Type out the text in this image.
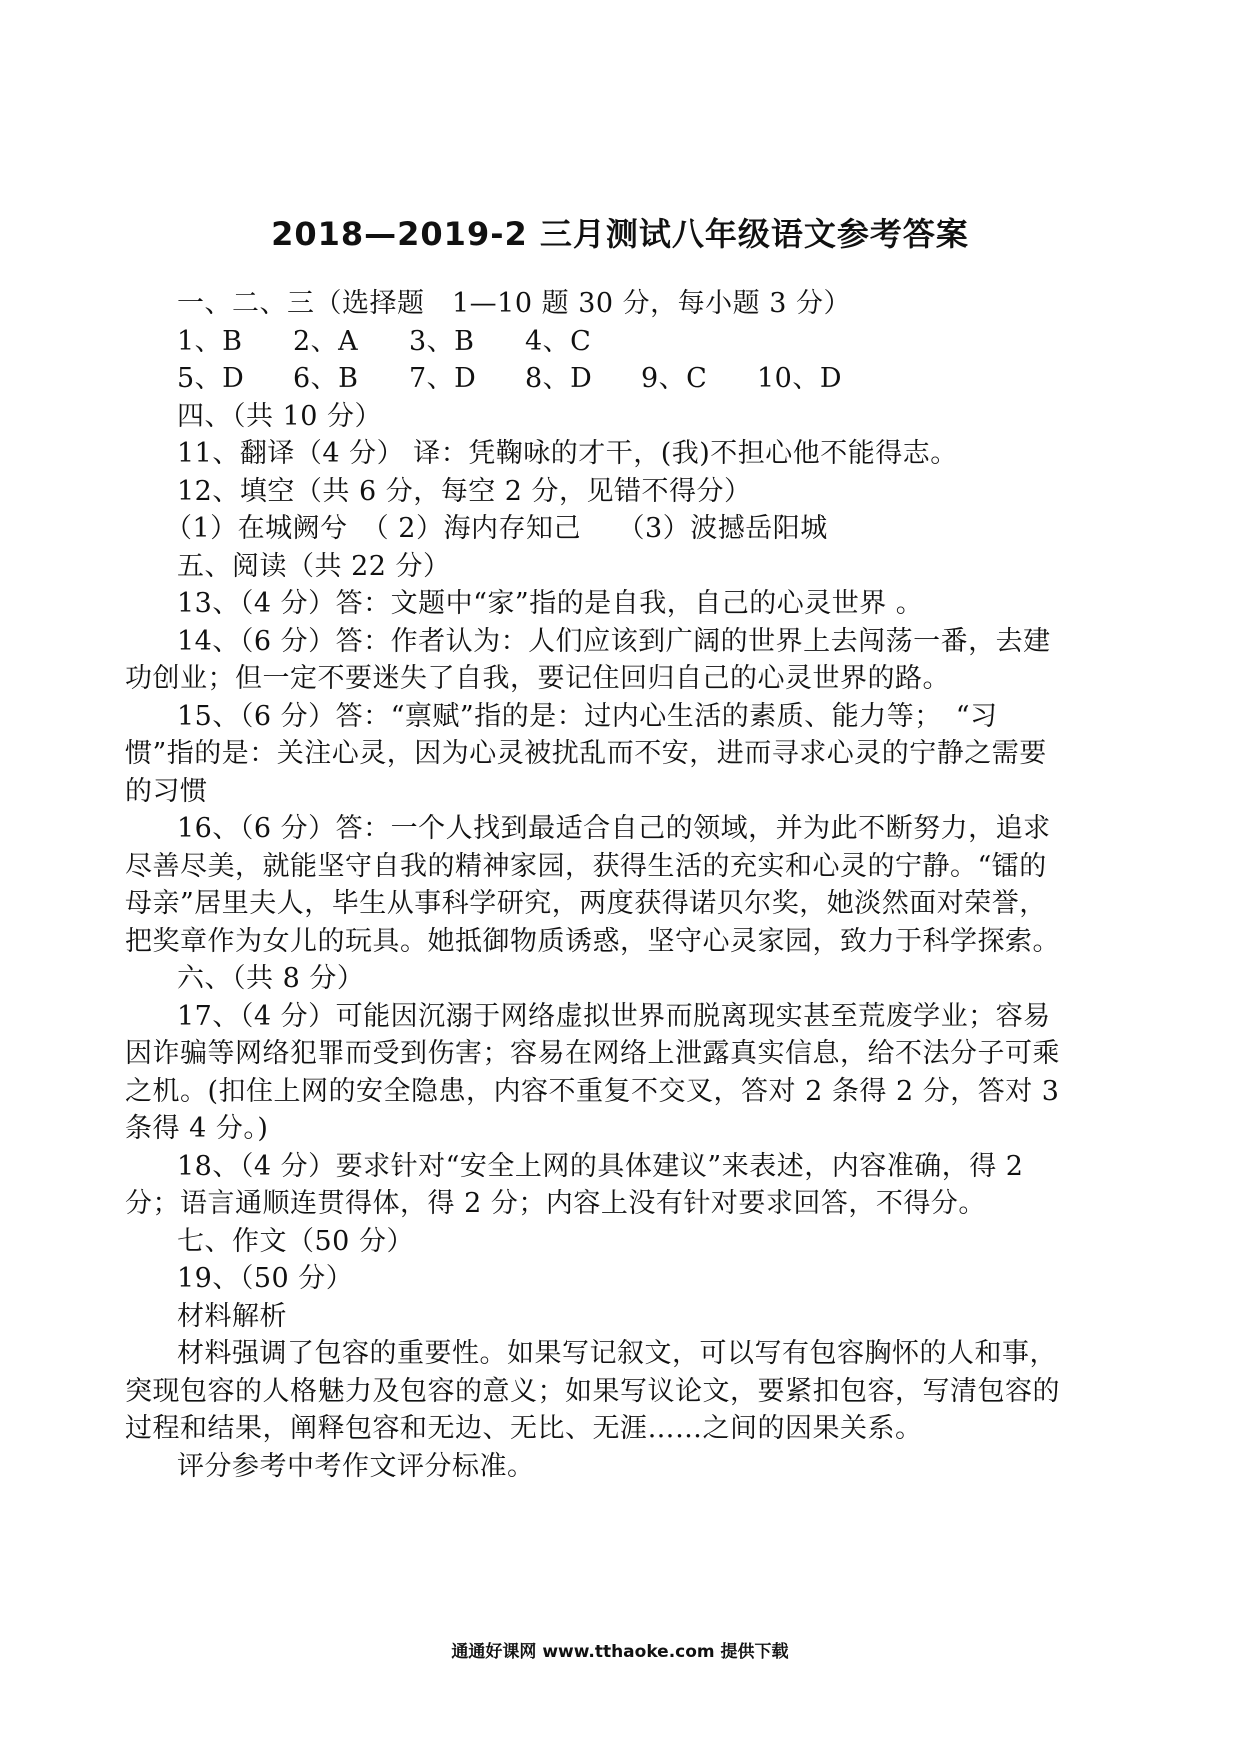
2018—2019-2 三月测试八年级语文参考答案
一、二、三（选择题　1—10 题 30 分，每小题 3 分）
1、B 2、A 3、B 4、C
5、D 6、B 7、D 8、D 9、C 10、D
四、（共 10 分）
11、翻译（4 分） 译：凭鞠咏的才干，(我)不担心他不能得志。
12、填空（共 6 分，每空 2 分，见错不得分）
（1）在城阙兮　（ 2）海内存知己　 （3）波撼岳阳城
五、阅读（共 22 分）
13、（4 分）答：文题中“家”指的是自我，自己的心灵世界 。
14、（6 分）答：作者认为：人们应该到广阔的世界上去闯荡一番，去建
功创业；但一定不要迷失了自我，要记住回归自己的心灵世界的路。
15、（6 分）答：“禀赋”指的是：过内心生活的素质、能力等；　“习
惯”指的是：关注心灵，因为心灵被扰乱而不安，进而寻求心灵的宁静之需要
的习惯
16、（6 分）答：一个人找到最适合自己的领域，并为此不断努力，追求
尽善尽美，就能坚守自我的精神家园，获得生活的充实和心灵的宁静。“镭的
母亲”居里夫人，毕生从事科学研究，两度获得诺贝尔奖，她淡然面对荣誉，
把奖章作为女儿的玩具。她抵御物质诱惑，坚守心灵家园，致力于科学探索。
六、（共 8 分）
17、（4 分）可能因沉溺于网络虚拟世界而脱离现实甚至荒废学业；容易
因诈骗等网络犯罪而受到伤害；容易在网络上泄露真实信息，给不法分子可乘
之机。(扣住上网的安全隐患，内容不重复不交叉，答对 2 条得 2 分，答对 3
条得 4 分。)
18、（4 分）要求针对“安全上网的具体建议”来表述，内容准确，得 2
分；语言通顺连贯得体，得 2 分；内容上没有针对要求回答，不得分。
七、作文（50 分）
19、（50 分）
材料解析
材料强调了包容的重要性。如果写记叙文，可以写有包容胸怀的人和事，
突现包容的人格魅力及包容的意义；如果写议论文，要紧扣包容，写清包容的
过程和结果，阐释包容和无边、无比、无涯……之间的因果关系。
评分参考中考作文评分标准。
通通好课网 www.tthaoke.com 提供下载
